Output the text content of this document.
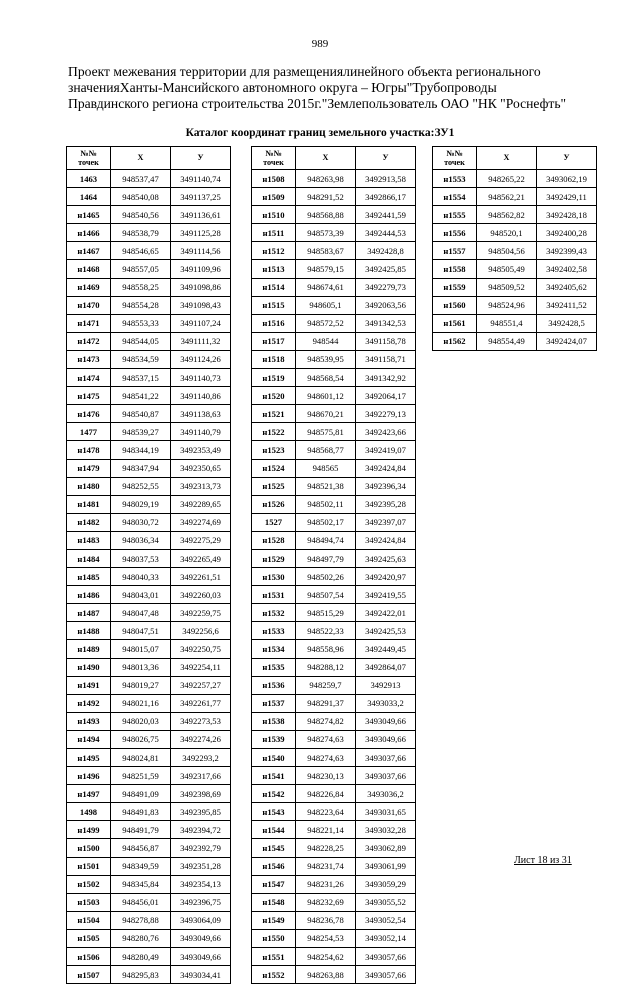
989
Проект межевания территории для размещениялинейного объекта регионального
значенияХанты-Мансийского автономного округа – Югры"Трубопроводы
Правдинского региона строительства 2015г."Землепользователь ОАО "НК "Роснефть"
Каталог координат границ земельного участка:ЗУ1
№№
точек	X	У
1463	948537,47	3491140,74
1464	948540,08	3491137,25
н1465	948540,56	3491136,61
н1466	948538,79	3491125,28
н1467	948546,65	3491114,56
н1468	948557,05	3491109,96
н1469	948558,25	3491098,86
н1470	948554,28	3491098,43
н1471	948553,33	3491107,24
н1472	948544,05	3491111,32
н1473	948534,59	3491124,26
н1474	948537,15	3491140,73
н1475	948541,22	3491140,86
н1476	948540,87	3491138,63
1477	948539,27	3491140,79
н1478	948344,19	3492353,49
н1479	948347,94	3492350,65
н1480	948252,55	3492313,73
н1481	948029,19	3492289,65
н1482	948030,72	3492274,69
н1483	948036,34	3492275,29
н1484	948037,53	3492265,49
н1485	948040,33	3492261,51
н1486	948043,01	3492260,03
н1487	948047,48	3492259,75
н1488	948047,51	3492256,6
н1489	948015,07	3492250,75
н1490	948013,36	3492254,11
н1491	948019,27	3492257,27
н1492	948021,16	3492261,77
н1493	948020,03	3492273,53
н1494	948026,75	3492274,26
н1495	948024,81	3492293,2
н1496	948251,59	3492317,66
н1497	948491,09	3492398,69
1498	948491,83	3492395,85
н1499	948491,79	3492394,72
н1500	948456,87	3492392,79
н1501	948349,59	3492351,28
н1502	948345,84	3492354,13
н1503	948456,01	3492396,75
н1504	948278,88	3493064,09
н1505	948280,76	3493049,66
н1506	948280,49	3493049,66
н1507	948295,83	3493034,41
№№
точек	X	У
н1508	948263,98	3492913,58
н1509	948291,52	3492866,17
н1510	948568,88	3492441,59
н1511	948573,39	3492444,53
н1512	948583,67	3492428,8
н1513	948579,15	3492425,85
н1514	948674,61	3492279,73
н1515	948605,1	3492063,56
н1516	948572,52	3491342,53
н1517	948544	3491158,78
н1518	948539,95	3491158,71
н1519	948568,54	3491342,92
н1520	948601,12	3492064,17
н1521	948670,21	3492279,13
н1522	948575,81	3492423,66
н1523	948568,77	3492419,07
н1524	948565	3492424,84
н1525	948521,38	3492396,34
н1526	948502,11	3492395,28
1527	948502,17	3492397,07
н1528	948494,74	3492424,84
н1529	948497,79	3492425,63
н1530	948502,26	3492420,97
н1531	948507,54	3492419,55
н1532	948515,29	3492422,01
н1533	948522,33	3492425,53
н1534	948558,96	3492449,45
н1535	948288,12	3492864,07
н1536	948259,7	3492913
н1537	948291,37	3493033,2
н1538	948274,82	3493049,66
н1539	948274,63	3493049,66
н1540	948274,63	3493037,66
н1541	948230,13	3493037,66
н1542	948226,84	3493036,2
н1543	948223,64	3493031,65
н1544	948221,14	3493032,28
н1545	948228,25	3493062,89
н1546	948231,74	3493061,99
н1547	948231,26	3493059,29
н1548	948232,69	3493055,52
н1549	948236,78	3493052,54
н1550	948254,53	3493052,14
н1551	948254,62	3493057,66
н1552	948263,88	3493057,66
№№
точек	X	У
н1553	948265,22	3493062,19
н1554	948562,21	3492429,11
н1555	948562,82	3492428,18
н1556	948520,1	3492400,28
н1557	948504,56	3492399,43
н1558	948505,49	3492402,58
н1559	948509,52	3492405,62
н1560	948524,96	3492411,52
н1561	948551,4	3492428,5
н1562	948554,49	3492424,07
Лист 18 из 31
